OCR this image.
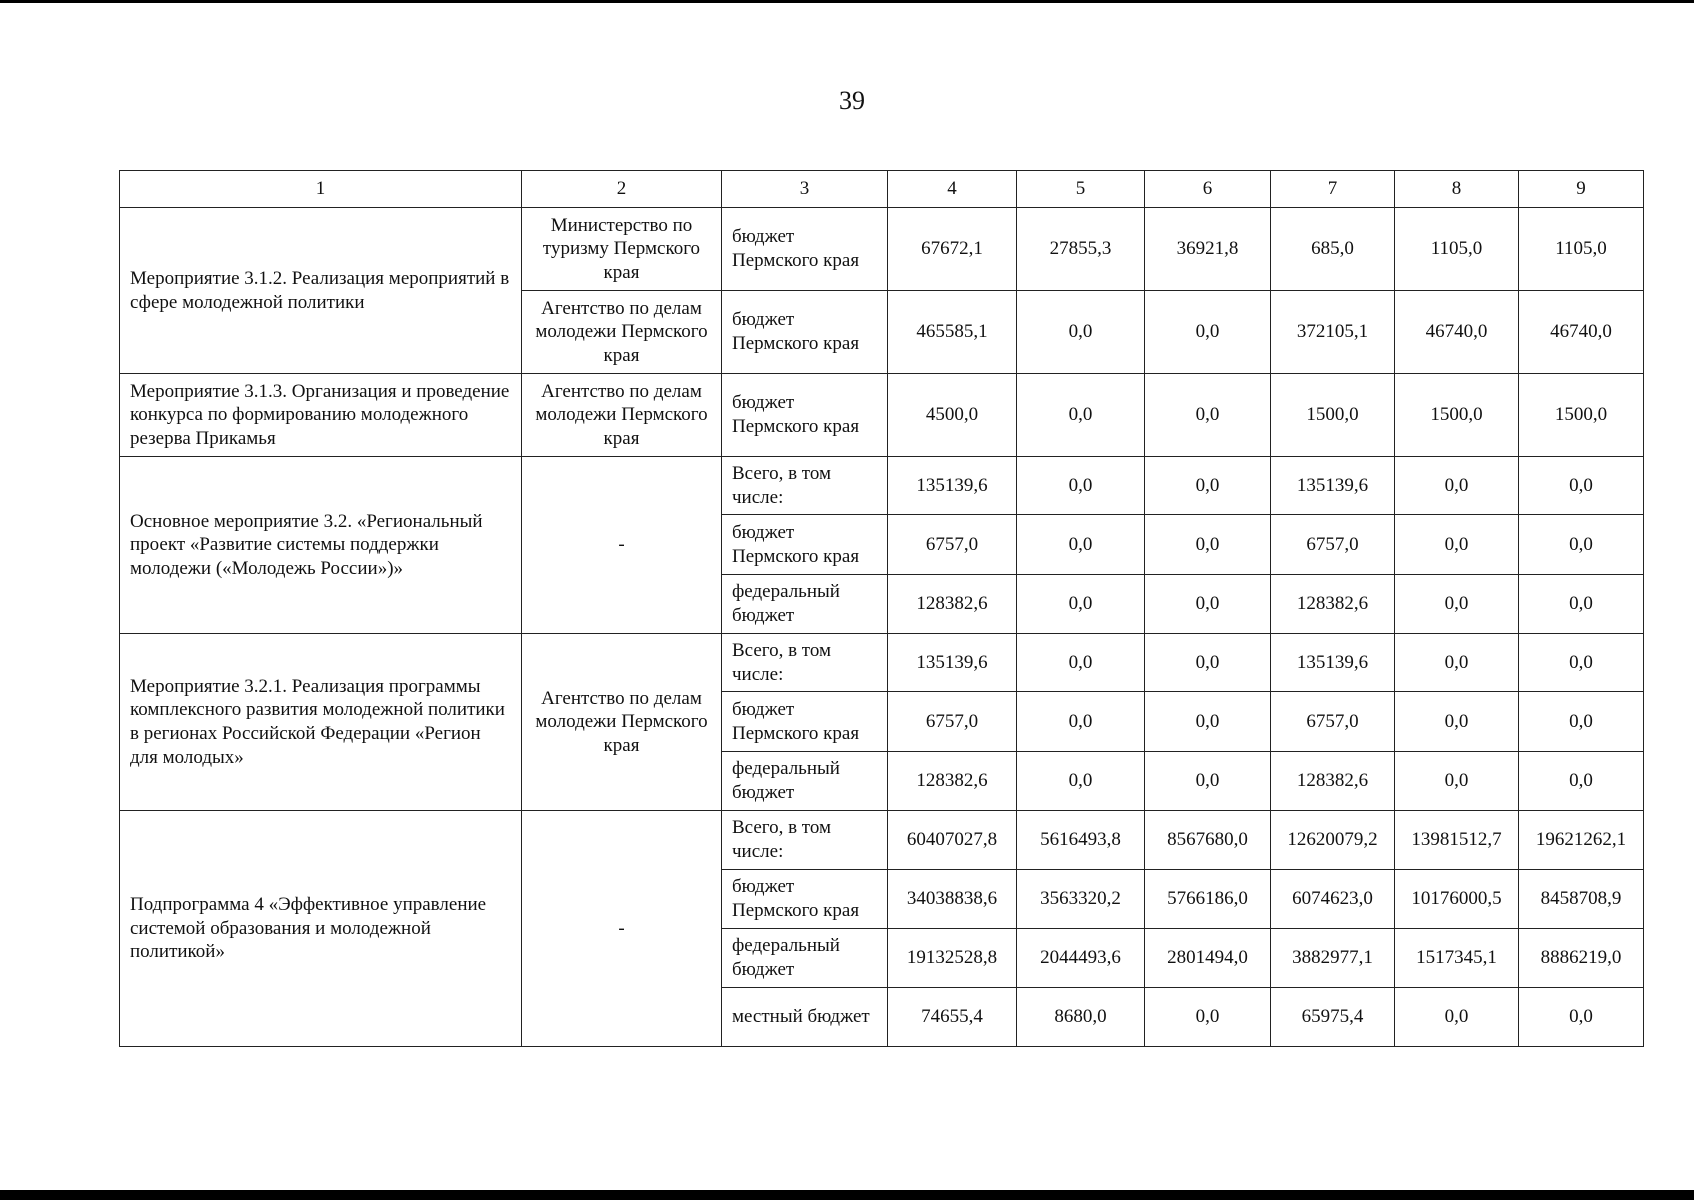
39
1	2	3	4	5	6	7	8	9
Мероприятие 3.1.2. Реализация мероприятий в сфере молодежной политики	Министерство по туризму Пермского края	бюджет Пермского края	67672,1	27855,3	36921,8	685,0	1105,0	1105,0
	Агентство по делам молодежи Пермского края	бюджет Пермского края	465585,1	0,0	0,0	372105,1	46740,0	46740,0
Мероприятие 3.1.3. Организация и проведение конкурса по формированию молодежного резерва Прикамья	Агентство по делам молодежи Пермского края	бюджет Пермского края	4500,0	0,0	0,0	1500,0	1500,0	1500,0
Основное мероприятие 3.2. «Региональный проект «Развитие системы поддержки молодежи («Молодежь России»)»	-	Всего, в том числе:	135139,6	0,0	0,0	135139,6	0,0	0,0
		бюджет Пермского края	6757,0	0,0	0,0	6757,0	0,0	0,0
		федеральный бюджет	128382,6	0,0	0,0	128382,6	0,0	0,0
Мероприятие 3.2.1. Реализация программы комплексного развития молодежной политики в регионах Российской Федерации «Регион для молодых»	Агентство по делам молодежи Пермского края	Всего, в том числе:	135139,6	0,0	0,0	135139,6	0,0	0,0
		бюджет Пермского края	6757,0	0,0	0,0	6757,0	0,0	0,0
		федеральный бюджет	128382,6	0,0	0,0	128382,6	0,0	0,0
Подпрограмма 4 «Эффективное управление системой образования и молодежной политикой»	-	Всего, в том числе:	60407027,8	5616493,8	8567680,0	12620079,2	13981512,7	19621262,1
		бюджет Пермского края	34038838,6	3563320,2	5766186,0	6074623,0	10176000,5	8458708,9
		федеральный бюджет	19132528,8	2044493,6	2801494,0	3882977,1	1517345,1	8886219,0
		местный бюджет	74655,4	8680,0	0,0	65975,4	0,0	0,0
